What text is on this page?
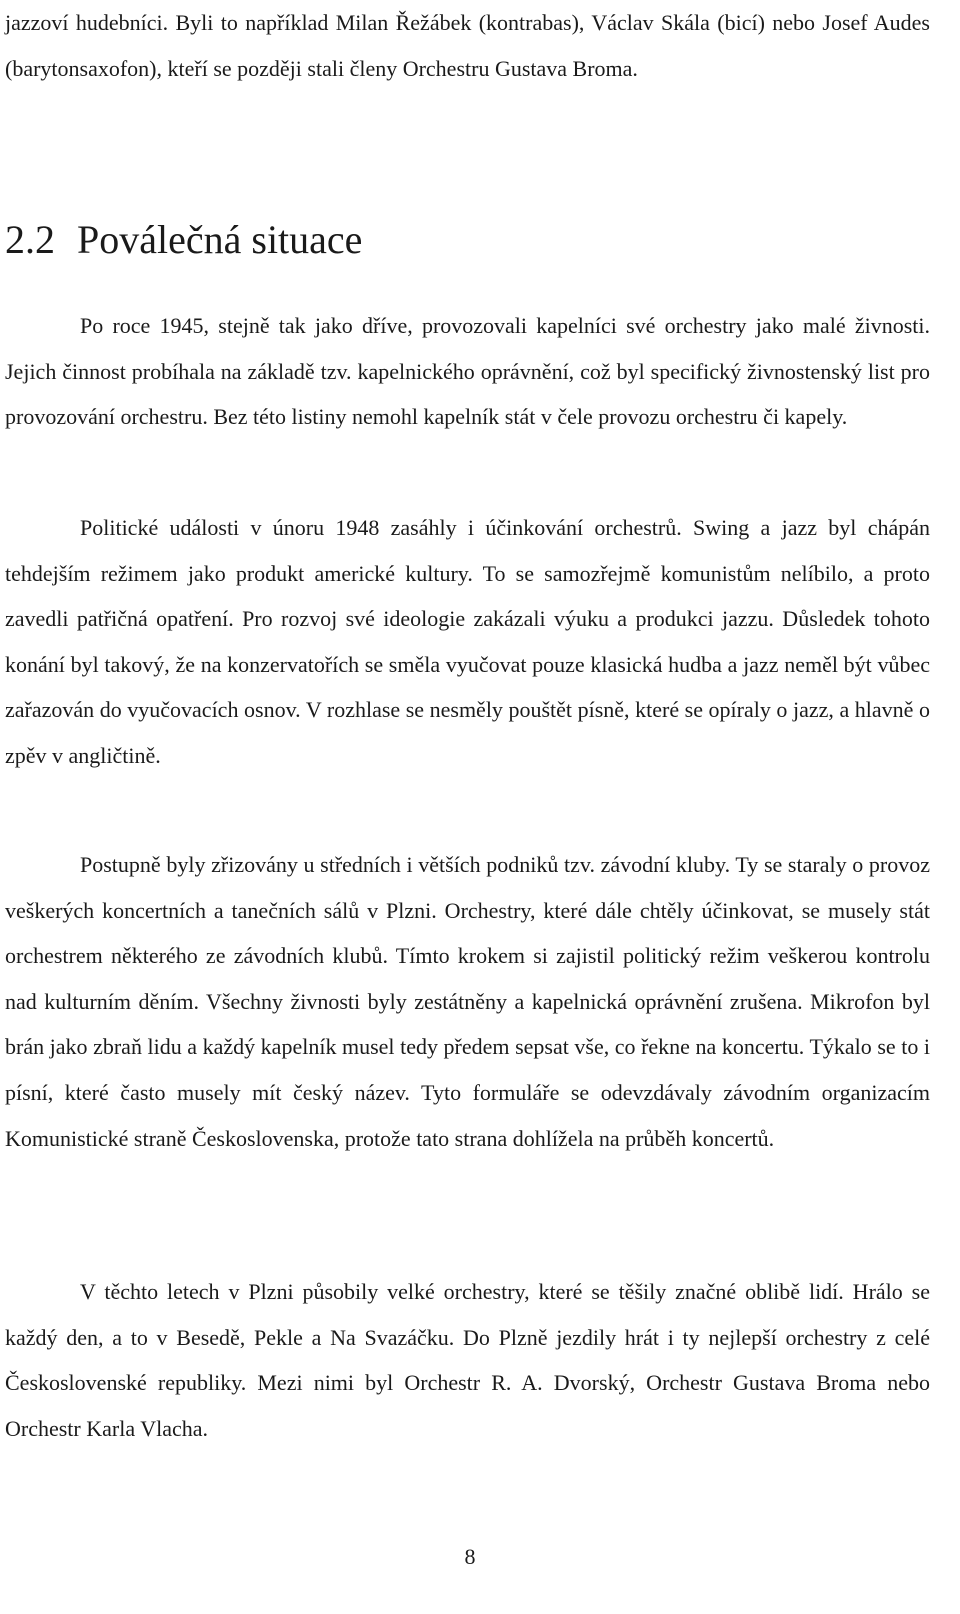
jazzoví hudebníci. Byli to například Milan Řežábek (kontrabas), Václav Skála (bicí) nebo Josef Audes (barytonsaxofon), kteří se později stali členy Orchestru Gustava Broma.

2.2 Poválečná situace

Po roce 1945, stejně tak jako dříve, provozovali kapelníci své orchestry jako malé živnosti. Jejich činnost probíhala na základě tzv. kapelnického oprávnění, což byl specifický živnostenský list pro provozování orchestru. Bez této listiny nemohl kapelník stát v čele provozu orchestru či kapely.

Politické události v únoru 1948 zasáhly i účinkování orchestrů. Swing a jazz byl chápán tehdejším režimem jako produkt americké kultury. To se samozřejmě komunistům nelíbilo, a proto zavedli patřičná opatření. Pro rozvoj své ideologie zakázali výuku a produkci jazzu. Důsledek tohoto konání byl takový, že na konzervatořích se směla vyučovat pouze klasická hudba a jazz neměl být vůbec zařazován do vyučovacích osnov. V rozhlase se nesměly pouštět písně, které se opíraly o jazz, a hlavně o zpěv v angličtině.

Postupně byly zřizovány u středních i větších podniků tzv. závodní kluby. Ty se staraly o provoz veškerých koncertních a tanečních sálů v Plzni. Orchestry, které dále chtěly účinkovat, se musely stát orchestrem některého ze závodních klubů. Tímto krokem si zajistil politický režim veškerou kontrolu nad kulturním děním. Všechny živnosti byly zestátněny a kapelnická oprávnění zrušena. Mikrofon byl brán jako zbraň lidu a každý kapelník musel tedy předem sepsat vše, co řekne na koncertu. Týkalo se to i písní, které často musely mít český název. Tyto formuláře se odevzdávaly závodním organizacím Komunistické straně Československa, protože tato strana dohlížela na průběh koncertů.

V těchto letech v Plzni působily velké orchestry, které se těšily značné oblibě lidí. Hrálo se každý den, a to v Besedě, Pekle a Na Svazáčku. Do Plzně jezdily hrát i ty nejlepší orchestry z celé Československé republiky. Mezi nimi byl Orchestr R. A. Dvorský, Orchestr Gustava Broma nebo Orchestr Karla Vlacha.

8
